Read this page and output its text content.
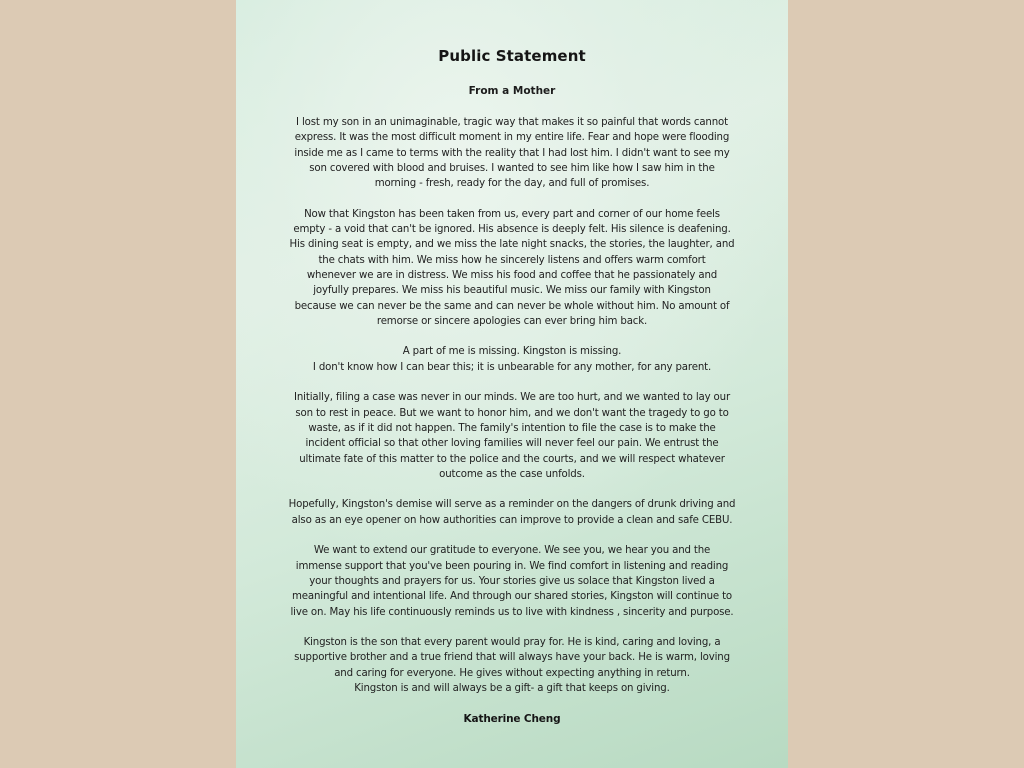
Public Statement
From a Mother
I lost my son in an unimaginable, tragic way that makes it so painful that words cannot
express. It was the most difficult moment in my entire life. Fear and hope were flooding
inside me as I came to terms with the reality that I had lost him. I didn't want to see my
son covered with blood and bruises. I wanted to see him like how I saw him in the
morning - fresh, ready for the day, and full of promises.
Now that Kingston has been taken from us, every part and corner of our home feels
empty - a void that can't be ignored. His absence is deeply felt. His silence is deafening.
His dining seat is empty, and we miss the late night snacks, the stories, the laughter, and
the chats with him. We miss how he sincerely listens and offers warm comfort
whenever we are in distress. We miss his food and coffee that he passionately and
joyfully prepares. We miss his beautiful music. We miss our family with Kingston
because we can never be the same and can never be whole without him. No amount of
remorse or sincere apologies can ever bring him back.
A part of me is missing. Kingston is missing.
I don't know how I can bear this; it is unbearable for any mother, for any parent.
Initially, filing a case was never in our minds. We are too hurt, and we wanted to lay our
son to rest in peace. But we want to honor him, and we don't want the tragedy to go to
waste, as if it did not happen. The family's intention to file the case is to make the
incident official so that other loving families will never feel our pain. We entrust the
ultimate fate of this matter to the police and the courts, and we will respect whatever
outcome as the case unfolds.
Hopefully, Kingston's demise will serve as a reminder on the dangers of drunk driving and
also as an eye opener on how authorities can improve to provide a clean and safe CEBU.
We want to extend our gratitude to everyone. We see you, we hear you and the
immense support that you've been pouring in. We find comfort in listening and reading
your thoughts and prayers for us. Your stories give us solace that Kingston lived a
meaningful and intentional life. And through our shared stories, Kingston will continue to
live on. May his life continuously reminds us to live with kindness , sincerity and purpose.
Kingston is the son that every parent would pray for. He is kind, caring and loving, a
supportive brother and a true friend that will always have your back. He is warm, loving
and caring for everyone. He gives without expecting anything in return.
Kingston is and will always be a gift- a gift that keeps on giving.
Katherine Cheng
